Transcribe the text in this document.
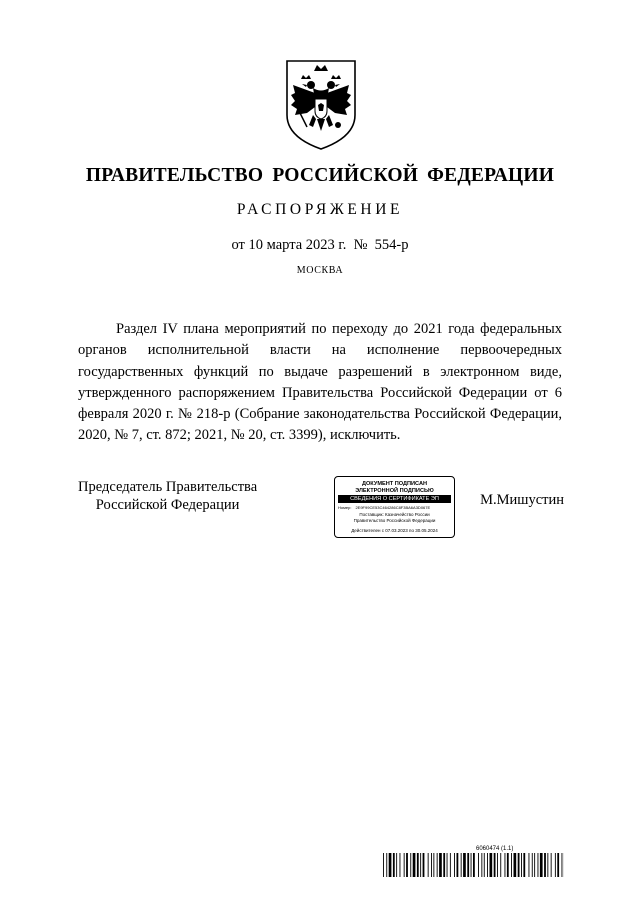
ПРАВИТЕЛЬСТВО РОССИЙСКОЙ ФЕДЕРАЦИИ
РАСПОРЯЖЕНИЕ
от 10 марта 2023 г.  №  554-р
МОСКВА
Раздел IV плана мероприятий по переходу до 2021 года федеральных органов исполнительной власти на исполнение первоочередных государственных функций по выдаче разрешений в электронном виде, утвержденного распоряжением Правительства Российской Федерации от 6 февраля 2020 г. № 218-р (Собрание законодательства Российской Федерации, 2020, № 7, ст. 872; 2021, № 20, ст. 3399), исключить.
Председатель Правительства
Российской Федерации
ДОКУМЕНТ ПОДПИСАН
ЭЛЕКТРОННОЙ ПОДПИСЬЮ
СВЕДЕНИЯ О СЕРТИФИКАТЕ ЭП
Номер: 2E9F99CE53C464286C8F3BA6A3D067E
Поставщик: Казначейство России
Правительство Российской Федерации
Действителен с 07.03.2023 по 30.05.2024
М.Мишустин
6060474 (1.1)
